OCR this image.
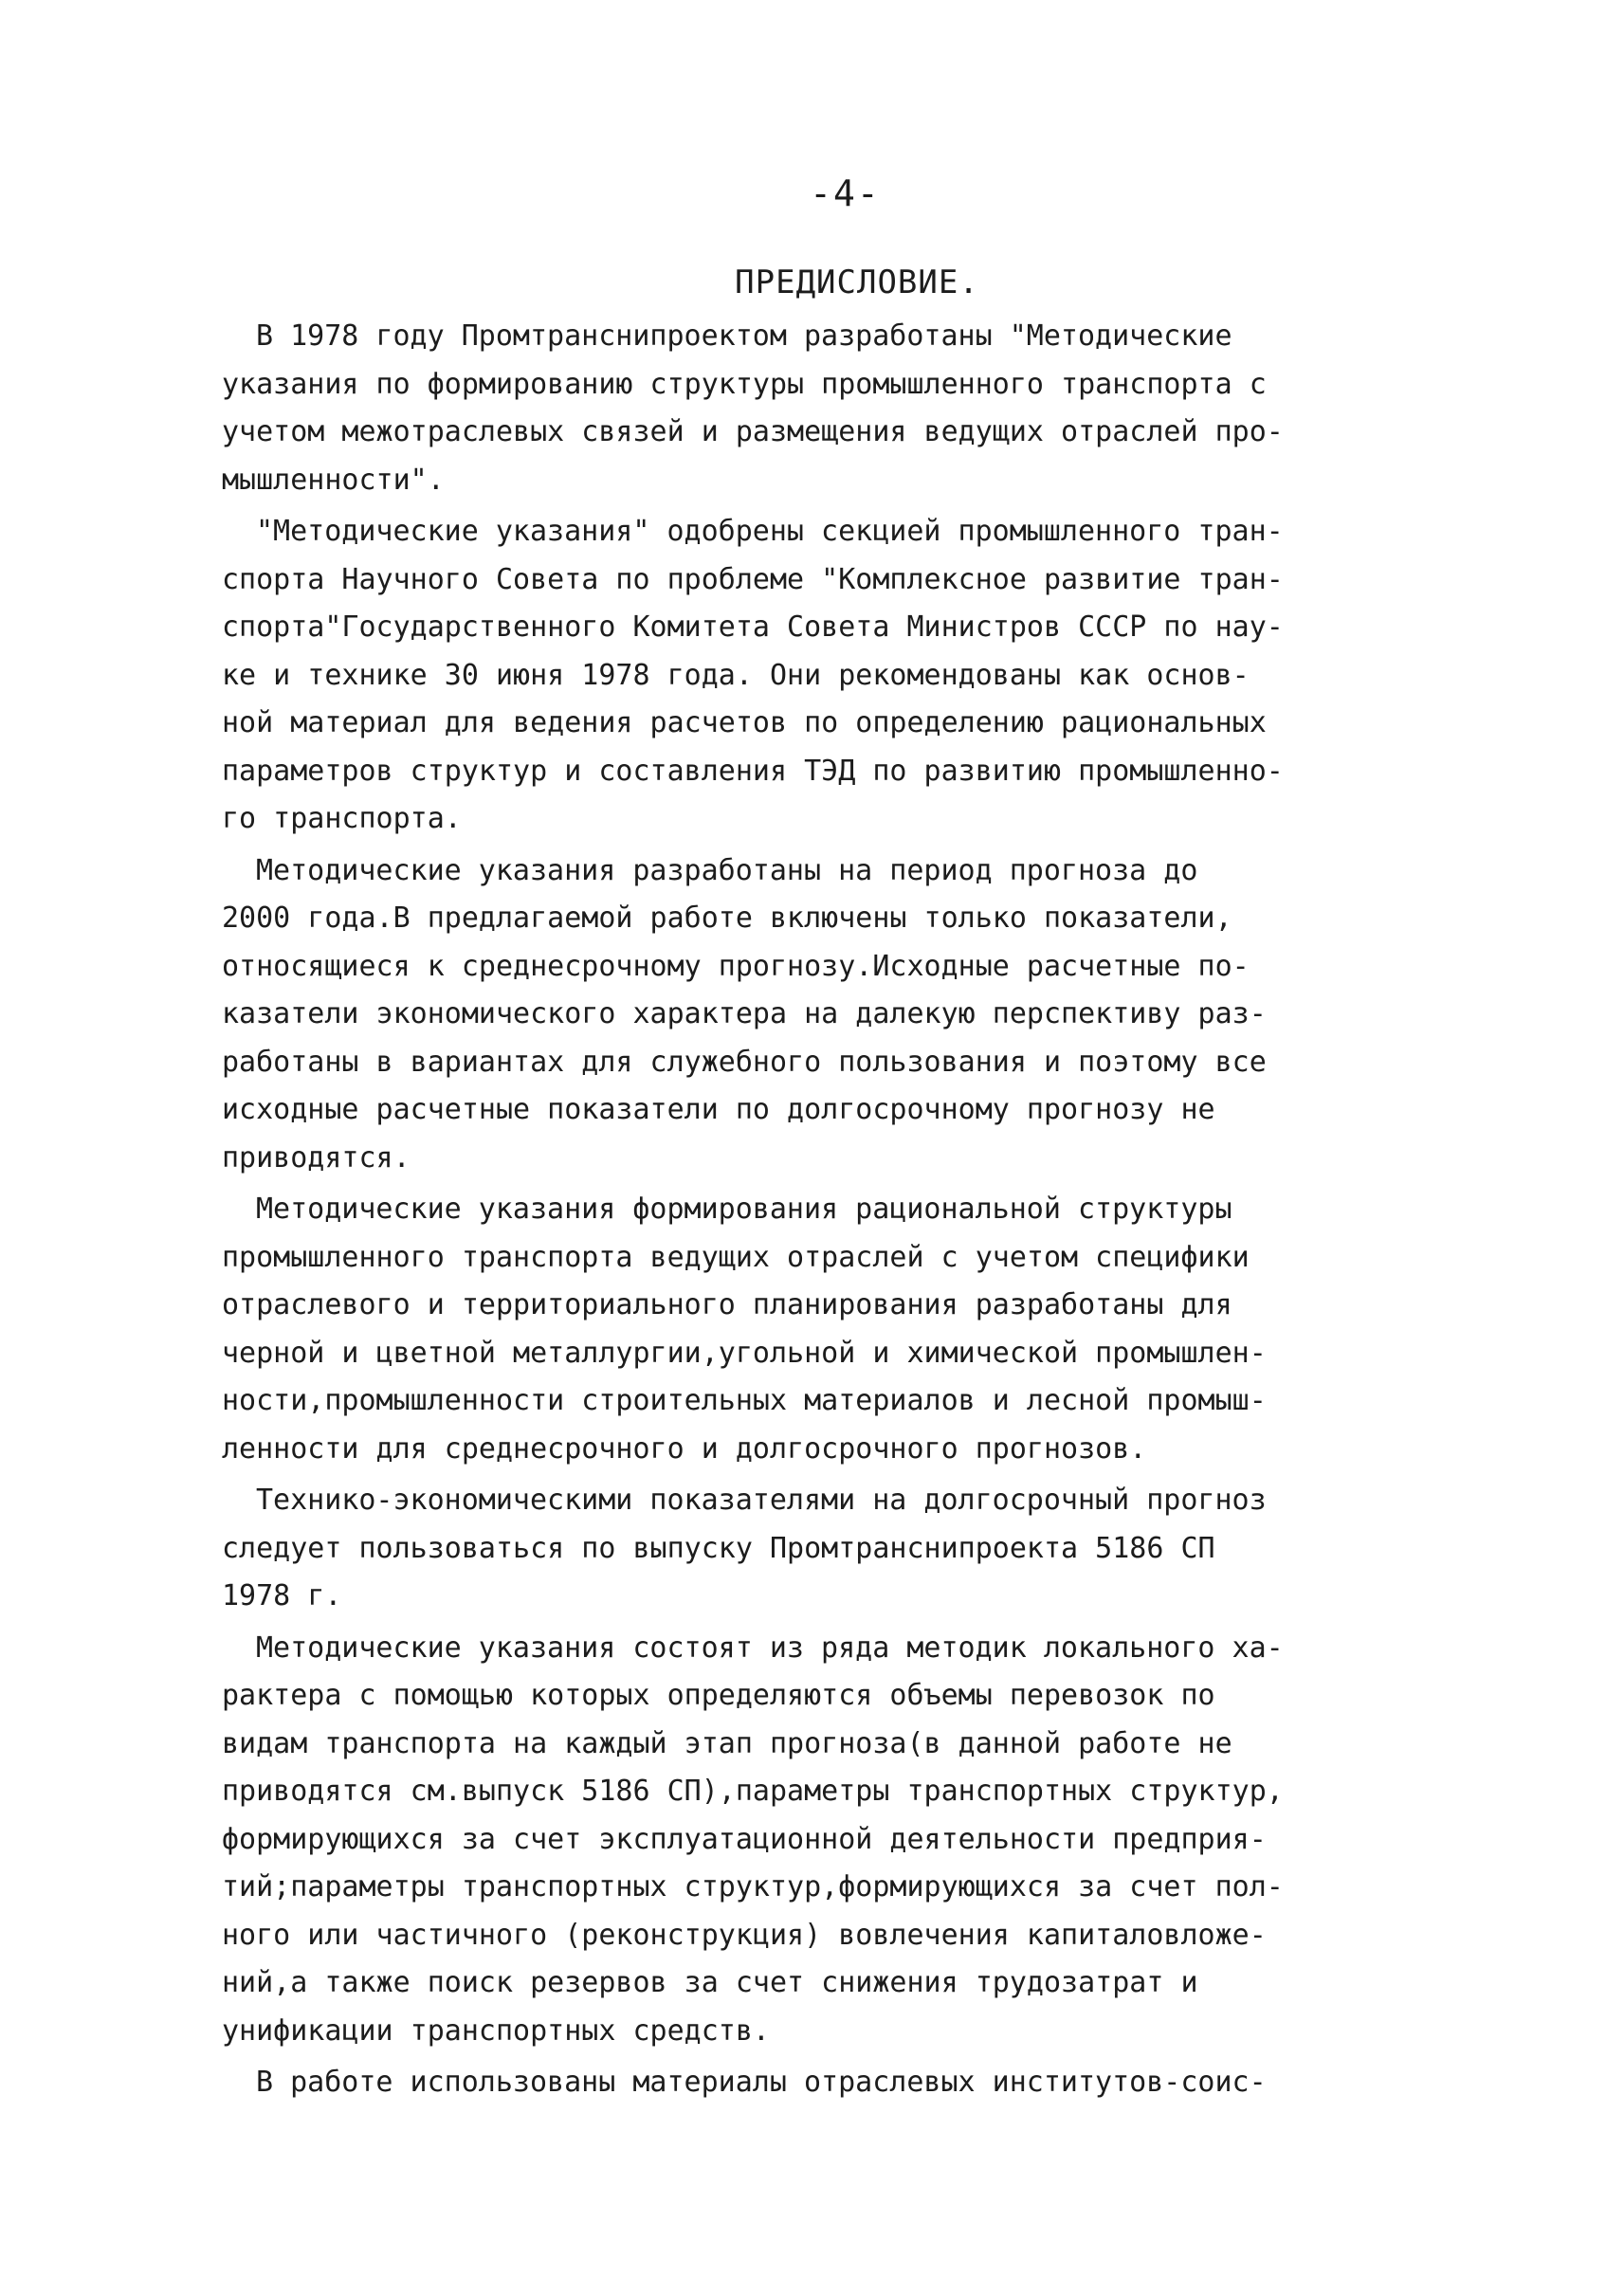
-4-
ПРЕДИСЛОВИЕ.
В 1978 году Промтранснипроектом разработаны "Методические
указания по формированию структуры промышленного транспорта с
учетом межотраслевых связей и размещения ведущих отраслей про-
мышленности".
"Методические указания" одобрены секцией промышленного тран-
спорта Научного Совета по проблеме "Комплексное развитие тран-
спорта"Государственного Комитета Совета Министров СССР по нау-
ке и технике 30 июня 1978 года. Они рекомендованы как основ-
ной материал для ведения расчетов по определению рациональных
параметров структур и составления ТЭД по развитию промышленно-
го транспорта.
Методические указания разработаны на период прогноза до
2000 года.В предлагаемой работе включены только показатели,
относящиеся к среднесрочному прогнозу.Исходные расчетные по-
казатели экономического характера на далекую перспективу раз-
работаны в вариантах для служебного пользования и поэтому все
исходные расчетные показатели по долгосрочному прогнозу не
приводятся.
Методические указания формирования рациональной структуры
промышленного транспорта ведущих отраслей с учетом специфики
отраслевого и территориального планирования разработаны для
черной и цветной металлургии,угольной и химической промышлен-
ности,промышленности строительных материалов и лесной промыш-
ленности для среднесрочного и долгосрочного прогнозов.
Технико-экономическими показателями на долгосрочный прогноз
следует пользоваться по выпуску Промтранснипроекта 5186 СП
1978 г.
Методические указания состоят из ряда методик локального ха-
рактера с помощью которых определяются объемы перевозок по
видам транспорта на каждый этап прогноза(в данной работе не
приводятся см.выпуск 5186 СП),параметры транспортных структур,
формирующихся за счет эксплуатационной деятельности предприя-
тий;параметры транспортных структур,формирующихся за счет пол-
ного или частичного (реконструкция) вовлечения капиталовложе-
ний,а также поиск резервов за счет снижения трудозатрат и
унификации транспортных средств.
В работе использованы материалы отраслевых институтов-соис-
